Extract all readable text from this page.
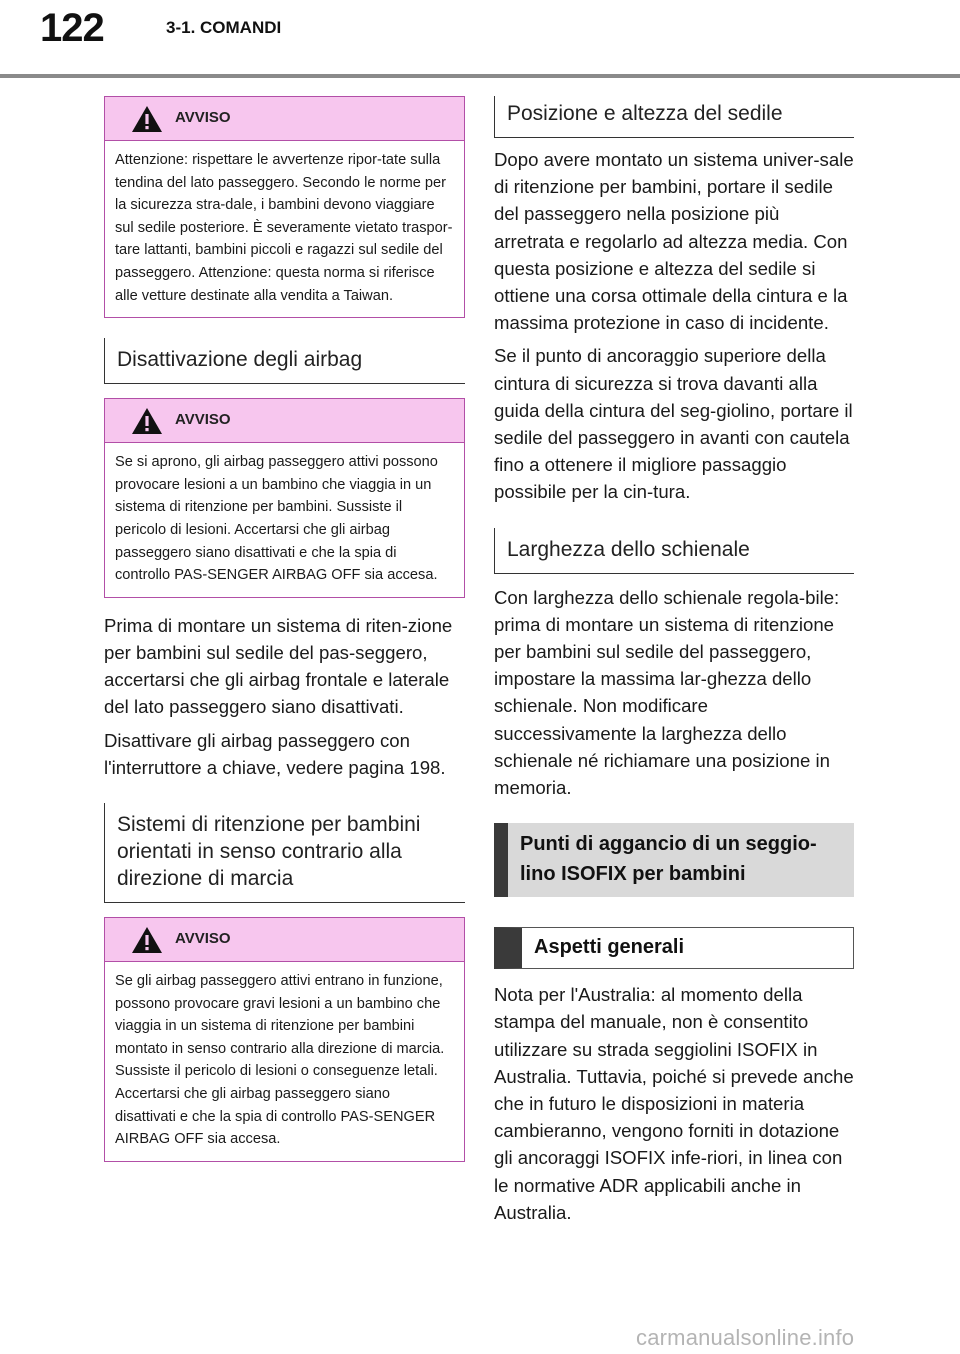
122	3-1. COMANDI
AVVISO
Attenzione: rispettare le avvertenze ripor-tate sulla tendina del lato passeggero. Secondo le norme per la sicurezza stra-dale, i bambini devono viaggiare sul sedile posteriore. È severamente vietato traspor-tare lattanti, bambini piccoli e ragazzi sul sedile del passeggero. Attenzione: questa norma si riferisce alle vetture destinate alla vendita a Taiwan.
Disattivazione degli airbag
AVVISO
Se si aprono, gli airbag passeggero attivi possono provocare lesioni a un bambino che viaggia in un sistema di ritenzione per bambini. Sussiste il pericolo di lesioni. Accertarsi che gli airbag passeggero siano disattivati e che la spia di controllo PAS-SENGER AIRBAG OFF sia accesa.

Prima di montare un sistema di riten-zione per bambini sul sedile del pas-seggero, accertarsi che gli airbag frontale e laterale del lato passeggero siano disattivati.

Disattivare gli airbag passeggero con l'interruttore a chiave, vedere pagina 198.

Sistemi di ritenzione per bambini orientati in senso contrario alla direzione di marcia
AVVISO
Se gli airbag passeggero attivi entrano in funzione, possono provocare gravi lesioni a un bambino che viaggia in un sistema di ritenzione per bambini montato in senso contrario alla direzione di marcia. Sussiste il pericolo di lesioni o conseguenze letali. Accertarsi che gli airbag passeggero siano disattivati e che la spia di controllo PAS-SENGER AIRBAG OFF sia accesa.
Posizione e altezza del sedile

Dopo avere montato un sistema univer-sale di ritenzione per bambini, portare il sedile del passeggero nella posizione più arretrata e regolarlo ad altezza media. Con questa posizione e altezza del sedile si ottiene una corsa ottimale della cintura e la massima protezione in caso di incidente.

Se il punto di ancoraggio superiore della cintura di sicurezza si trova davanti alla guida della cintura del seg-giolino, portare il sedile del passeggero in avanti con cautela fino a ottenere il migliore passaggio possibile per la cin-tura.

Larghezza dello schienale

Con larghezza dello schienale regola-bile: prima di montare un sistema di ritenzione per bambini sul sedile del passeggero, impostare la massima lar-ghezza dello schienale. Non modificare successivamente la larghezza dello schienale né richiamare una posizione in memoria.

Punti di aggancio di un seggio-lino ISOFIX per bambini
Aspetti generali

Nota per l'Australia: al momento della stampa del manuale, non è consentito utilizzare su strada seggiolini ISOFIX in Australia. Tuttavia, poiché si prevede anche che in futuro le disposizioni in materia cambieranno, vengono forniti in dotazione gli ancoraggi ISOFIX infe-riori, in linea con le normative ADR applicabili anche in Australia.

carmanualsonline.info
